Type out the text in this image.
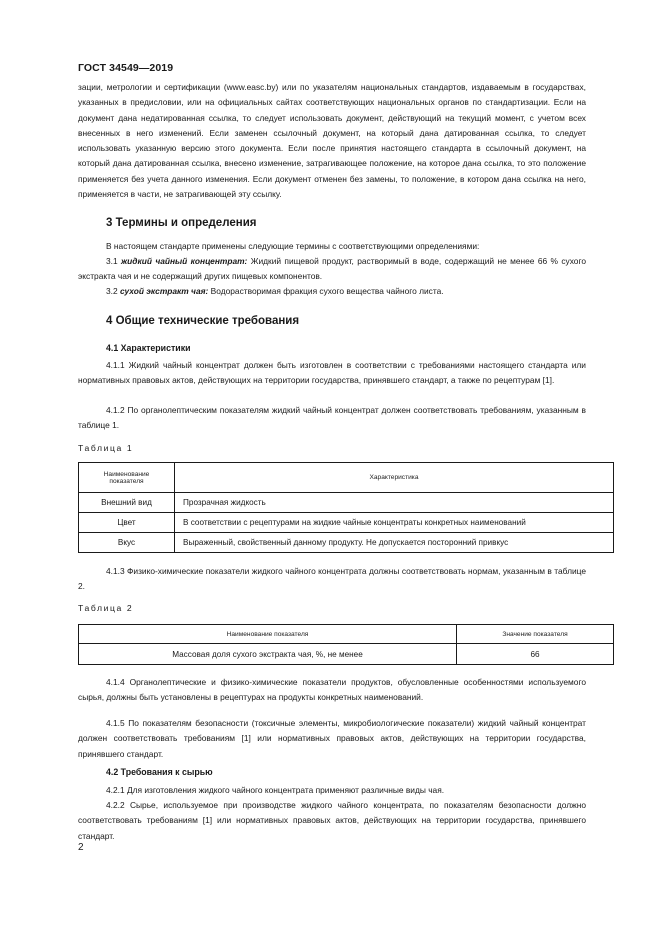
ГОСТ 34549—2019
зации, метрологии и сертификации (www.easc.by) или по указателям национальных стандартов, издаваемым в государствах, указанных в предисловии, или на официальных сайтах соответствующих национальных органов по стандартизации. Если на документ дана недатированная ссылка, то следует использовать документ, действующий на текущий момент, с учетом всех внесенных в него изменений. Если заменен ссылочный документ, на который дана датированная ссылка, то следует использовать указанную версию этого документа. Если после принятия настоящего стандарта в ссылочный документ, на который дана датированная ссылка, внесено изменение, затрагивающее положение, на которое дана ссылка, то это положение применяется без учета данного изменения. Если документ отменен без замены, то положение, в котором дана ссылка на него, применяется в части, не затрагивающей эту ссылку.
3 Термины и определения
В настоящем стандарте применены следующие термины с соответствующими определениями:
3.1 жидкий чайный концентрат: Жидкий пищевой продукт, растворимый в воде, содержащий не менее 66 % сухого экстракта чая и не содержащий других пищевых компонентов.
3.2 сухой экстракт чая: Водорастворимая фракция сухого вещества чайного листа.
4 Общие технические требования
4.1 Характеристики
4.1.1 Жидкий чайный концентрат должен быть изготовлен в соответствии с требованиями настоящего стандарта или нормативных правовых актов, действующих на территории государства, принявшего стандарт, а также по рецептурам [1].
4.1.2 По органолептическим показателям жидкий чайный концентрат должен соответствовать требованиям, указанным в таблице 1.
Таблица 1
Наименование показателя	Характеристика
Внешний вид	Прозрачная жидкость
Цвет	В соответствии с рецептурами на жидкие чайные концентраты конкретных наименований
Вкус	Выраженный, свойственный данному продукту. Не допускается посторонний привкус
4.1.3 Физико-химические показатели жидкого чайного концентрата должны соответствовать нормам, указанным в таблице 2.
Таблица 2
Наименование показателя	Значение показателя
Массовая доля сухого экстракта чая, %, не менее	66
4.1.4 Органолептические и физико-химические показатели продуктов, обусловленные особенностями используемого сырья, должны быть установлены в рецептурах на продукты конкретных наименований.
4.1.5 По показателям безопасности (токсичные элементы, микробиологические показатели) жидкий чайный концентрат должен соответствовать требованиям [1] или нормативных правовых актов, действующих на территории государства, принявшего стандарт.
4.2 Требования к сырью
4.2.1 Для изготовления жидкого чайного концентрата применяют различные виды чая.
4.2.2 Сырье, используемое при производстве жидкого чайного концентрата, по показателям безопасности должно соответствовать требованиям [1] или нормативных правовых актов, действующих на территории государства, принявшего стандарт.
2
